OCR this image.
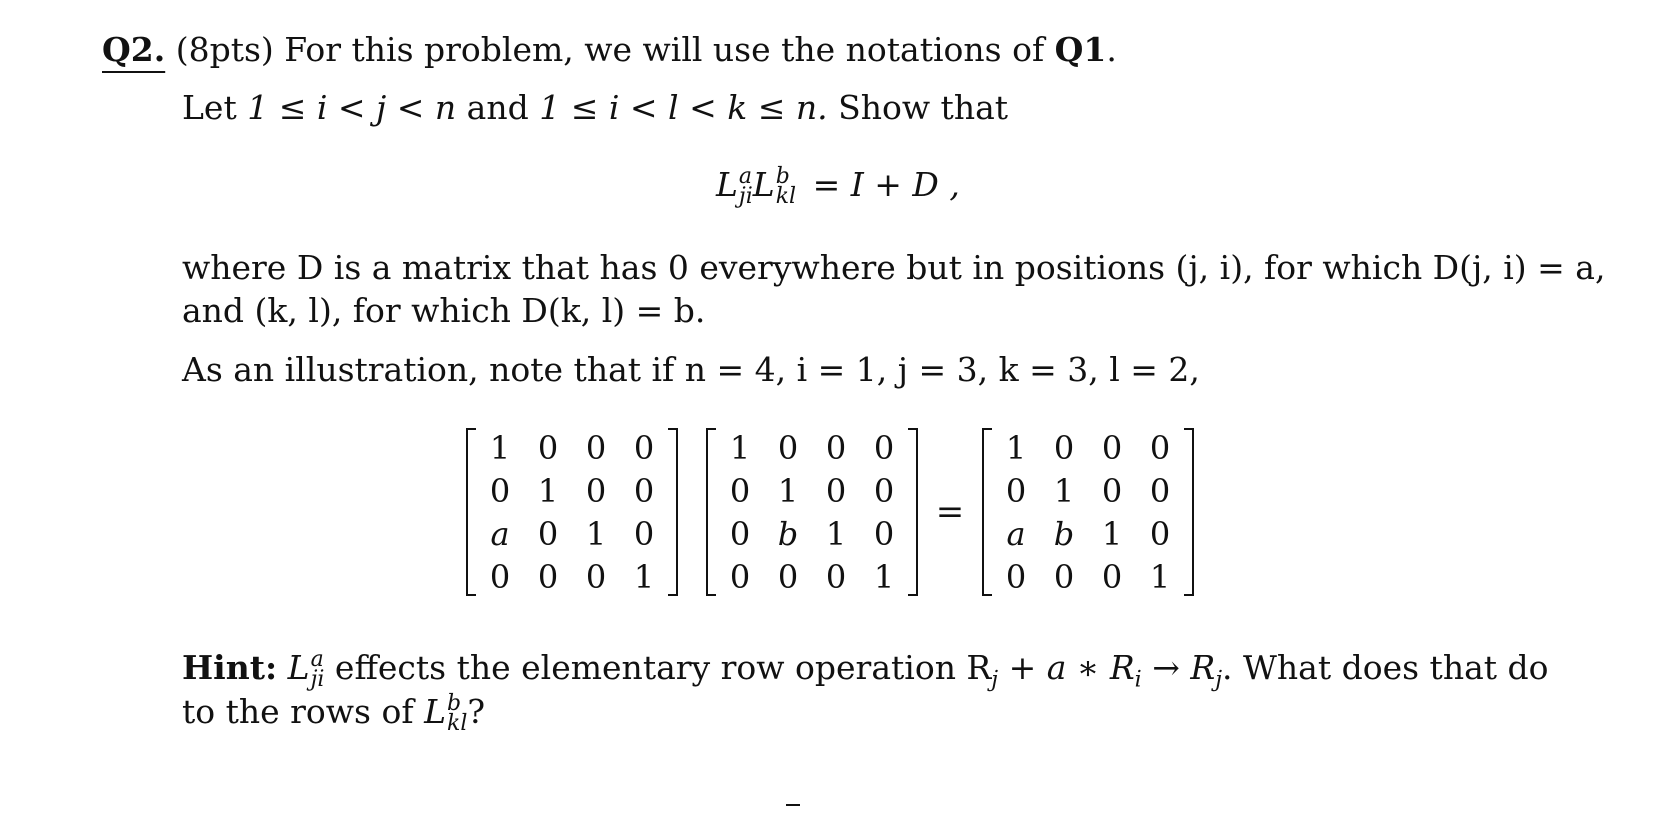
Q2. (8pts) For this problem, we will use the notations of Q1.
Let 1 ≤ i < j < n and 1 ≤ i < l < k ≤ n. Show that
L a
ji L b
kl = I + D ,
where D is a matrix that has 0 everywhere but in positions (j, i), for which D(j, i) = a,
and (k, l), for which D(k, l) = b.
As an illustration, note that if n = 4, i = 1, j = 3, k = 3, l = 2,
1 0 0 0
0 1 0 0
a 0 1 0
0 0 0 1
1 0 0 0
0 1 0 0
0 b 1 0
0 0 0 1
=
1 0 0 0
0 1 0 0
a b 1 0
0 0 0 1
Hint: L a
ji effects the elementary row operation $R_j + a$ ∗ $R_i \to R_j$. What does that do
to the rows of L b
kl ?
